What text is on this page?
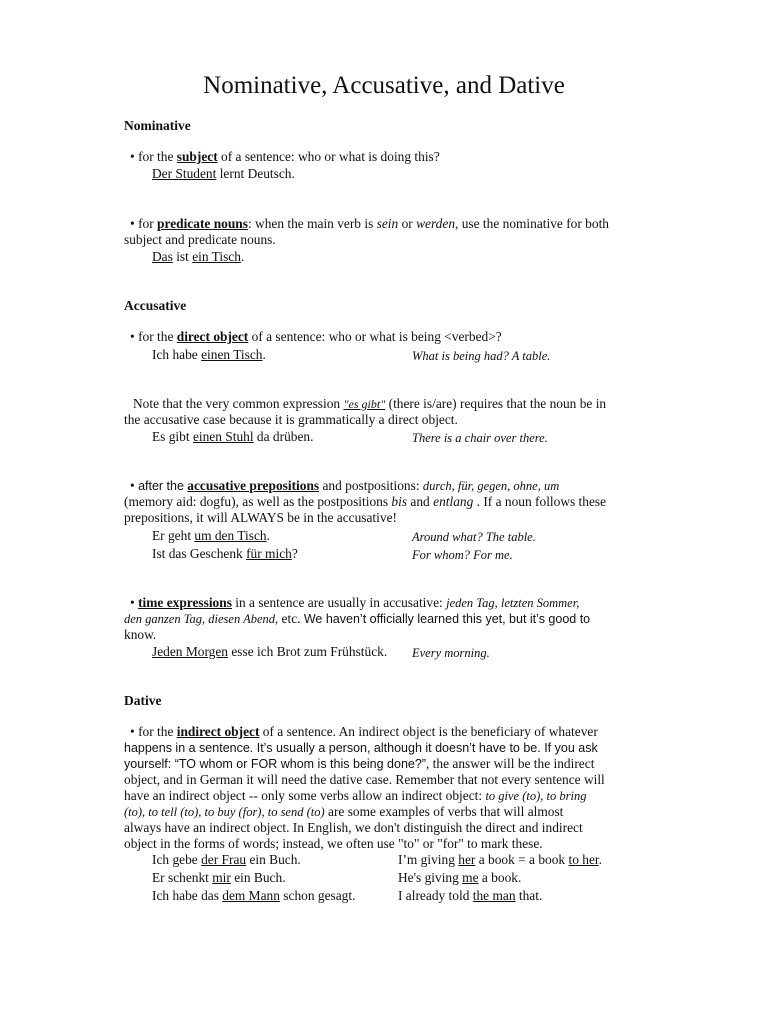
Nominative, Accusative, and Dative
Nominative
• for the subject of a sentence: who or what is doing this?
Der Student lernt Deutsch.
• for predicate nouns: when the main verb is sein or werden, use the nominative for both
subject and predicate nouns.
Das ist ein Tisch.
Accusative
• for the direct object of a sentence: who or what is being <verbed>?
Ich habe einen Tisch.	What is being had? A table.
Note that the very common expression "es gibt" (there is/are) requires that the noun be in
the accusative case because it is grammatically a direct object.
Es gibt einen Stuhl da drüben.	There is a chair over there.
• after the accusative prepositions and postpositions: durch, für, gegen, ohne, um
(memory aid: dogfu), as well as the postpositions bis and entlang . If a noun follows these
prepositions, it will ALWAYS be in the accusative!
Er geht um den Tisch.	Around what? The table.
Ist das Geschenk für mich?	For whom? For me.
• time expressions in a sentence are usually in accusative: jeden Tag, letzten Sommer,
den ganzen Tag, diesen Abend, etc. We haven’t officially learned this yet, but it’s good to
know.
Jeden Morgen esse ich Brot zum Frühstück. Every morning.
Dative
• for the indirect object of a sentence. An indirect object is the beneficiary of whatever
happens in a sentence. It’s usually a person, although it doesn’t have to be. If you ask
yourself: “TO whom or FOR whom is this being done?”, the answer will be the indirect
object, and in German it will need the dative case. Remember that not every sentence will
have an indirect object -- only some verbs allow an indirect object: to give (to), to bring
(to), to tell (to), to buy (for), to send (to) are some examples of verbs that will almost
always have an indirect object. In English, we don't distinguish the direct and indirect
object in the forms of words; instead, we often use "to" or "for" to mark these.
Ich gebe der Frau ein Buch.	I’m giving her a book = a book to her.
Er schenkt mir ein Buch.	He's giving me a book.
Ich habe das dem Mann schon gesagt.	I already told the man that.
